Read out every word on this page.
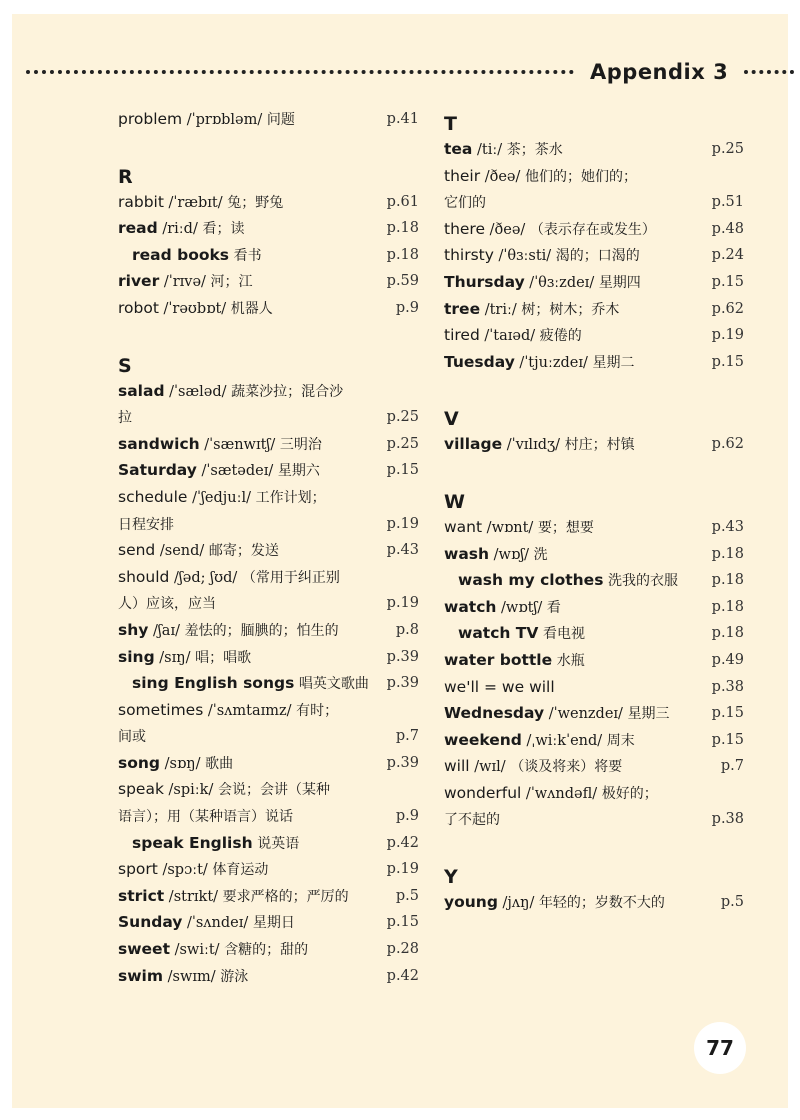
Appendix 3
problem /ˈprɒbləm/ 问题	p.41
R
rabbit /ˈræbɪt/ 兔；野兔	p.61
read /riːd/ 看；读	p.18
read books 看书	p.18
river /ˈrɪvə/ 河；江	p.59
robot /ˈrəʊbɒt/ 机器人	p.9
S
salad /ˈsæləd/ 蔬菜沙拉；混合沙
拉	p.25
sandwich /ˈsænwɪtʃ/ 三明治	p.25
Saturday /ˈsætədeɪ/ 星期六	p.15
schedule /ˈʃedjuːl/ 工作计划；
日程安排	p.19
send /send/ 邮寄；发送	p.43
should /ʃəd; ʃʊd/ （常用于纠正别
人）应该，应当	p.19
shy /ʃaɪ/ 羞怯的；腼腆的；怕生的	p.8
sing /sɪŋ/ 唱；唱歌	p.39
sing English songs 唱英文歌曲 p.39
sometimes /ˈsʌmtaɪmz/ 有时；
间或	p.7
song /sɒŋ/ 歌曲	p.39
speak /spiːk/ 会说；会讲（某种
语言）；用（某种语言）说话	p.9
speak English 说英语	p.42
sport /spɔːt/ 体育运动	p.19
strict /strɪkt/ 要求严格的；严厉的	p.5
Sunday /ˈsʌndeɪ/ 星期日	p.15
sweet /swiːt/ 含糖的；甜的	p.28
swim /swɪm/ 游泳	p.42
T
tea /tiː/ 茶；茶水	p.25
their /ðeə/ 他们的；她们的；
它们的	p.51
there /ðeə/ （表示存在或发生）	p.48
thirsty /ˈθɜːsti/ 渴的；口渴的	p.24
Thursday /ˈθɜːzdeɪ/ 星期四	p.15
tree /triː/ 树；树木；乔木	p.62
tired /ˈtaɪəd/ 疲倦的	p.19
Tuesday /ˈtjuːzdeɪ/ 星期二	p.15
V
village /ˈvɪlɪdʒ/ 村庄；村镇	p.62
W
want /wɒnt/ 要；想要	p.43
wash /wɒʃ/ 洗	p.18
wash my clothes 洗我的衣服 p.18
watch /wɒtʃ/ 看	p.18
watch TV 看电视	p.18
water bottle 水瓶	p.49
we'll = we will	p.38
Wednesday /ˈwenzdeɪ/ 星期三	p.15
weekend /ˌwiːkˈend/ 周末	p.15
will /wɪl/ （谈及将来）将要	p.7
wonderful /ˈwʌndəfl/ 极好的；
了不起的	p.38
Y
young /jʌŋ/ 年轻的；岁数不大的	p.5
77
